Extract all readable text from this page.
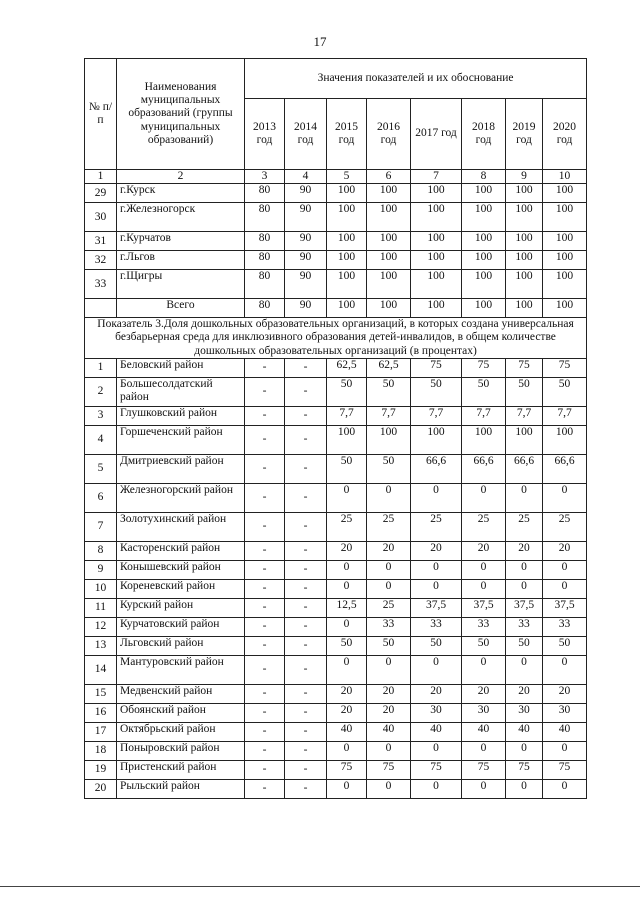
17
№ п/п	Наименования муниципальных образований (группы муниципальных образований)	Значения показателей и их обоснование							
		2013 год	2014 год	2015 год	2016 год	2017 год	2018 год	2019 год	2020 год
1	2	3	4	5	6	7	8	9	10
29	г.Курск	80	90	100	100	100	100	100	100
30	г.Железногорск	80	90	100	100	100	100	100	100
31	г.Курчатов	80	90	100	100	100	100	100	100
32	г.Льгов	80	90	100	100	100	100	100	100
33	г.Щигры	80	90	100	100	100	100	100	100
	Всего	80	90	100	100	100	100	100	100
Показатель 3.Доля дошкольных образовательных организаций, в которых создана универсальная безбарьерная среда для инклюзивного образования детей-инвалидов, в общем количестве дошкольных образовательных организаций (в процентах)									
1	Беловский район	-	-	62,5	62,5	75	75	75	75
2	Большесолдатский район	-	-	50	50	50	50	50	50
3	Глушковский район	-	-	7,7	7,7	7,7	7,7	7,7	7,7
4	Горшеченский район	-	-	100	100	100	100	100	100
5	Дмитриевский район	-	-	50	50	66,6	66,6	66,6	66,6
6	Железногорский район	-	-	0	0	0	0	0	0
7	Золотухинский район	-	-	25	25	25	25	25	25
8	Касторенский район	-	-	20	20	20	20	20	20
9	Конышевский район	-	-	0	0	0	0	0	0
10	Кореневский район	-	-	0	0	0	0	0	0
11	Курский район	-	-	12,5	25	37,5	37,5	37,5	37,5
12	Курчатовский район	-	-	0	33	33	33	33	33
13	Льговский район	-	-	50	50	50	50	50	50
14	Мантуровский район	-	-	0	0	0	0	0	0
15	Медвенский район	-	-	20	20	20	20	20	20
16	Обоянский район	-	-	20	20	30	30	30	30
17	Октябрьский район	-	-	40	40	40	40	40	40
18	Поныровский район	-	-	0	0	0	0	0	0
19	Пристенский район	-	-	75	75	75	75	75	75
20	Рыльский район	-	-	0	0	0	0	0	0
